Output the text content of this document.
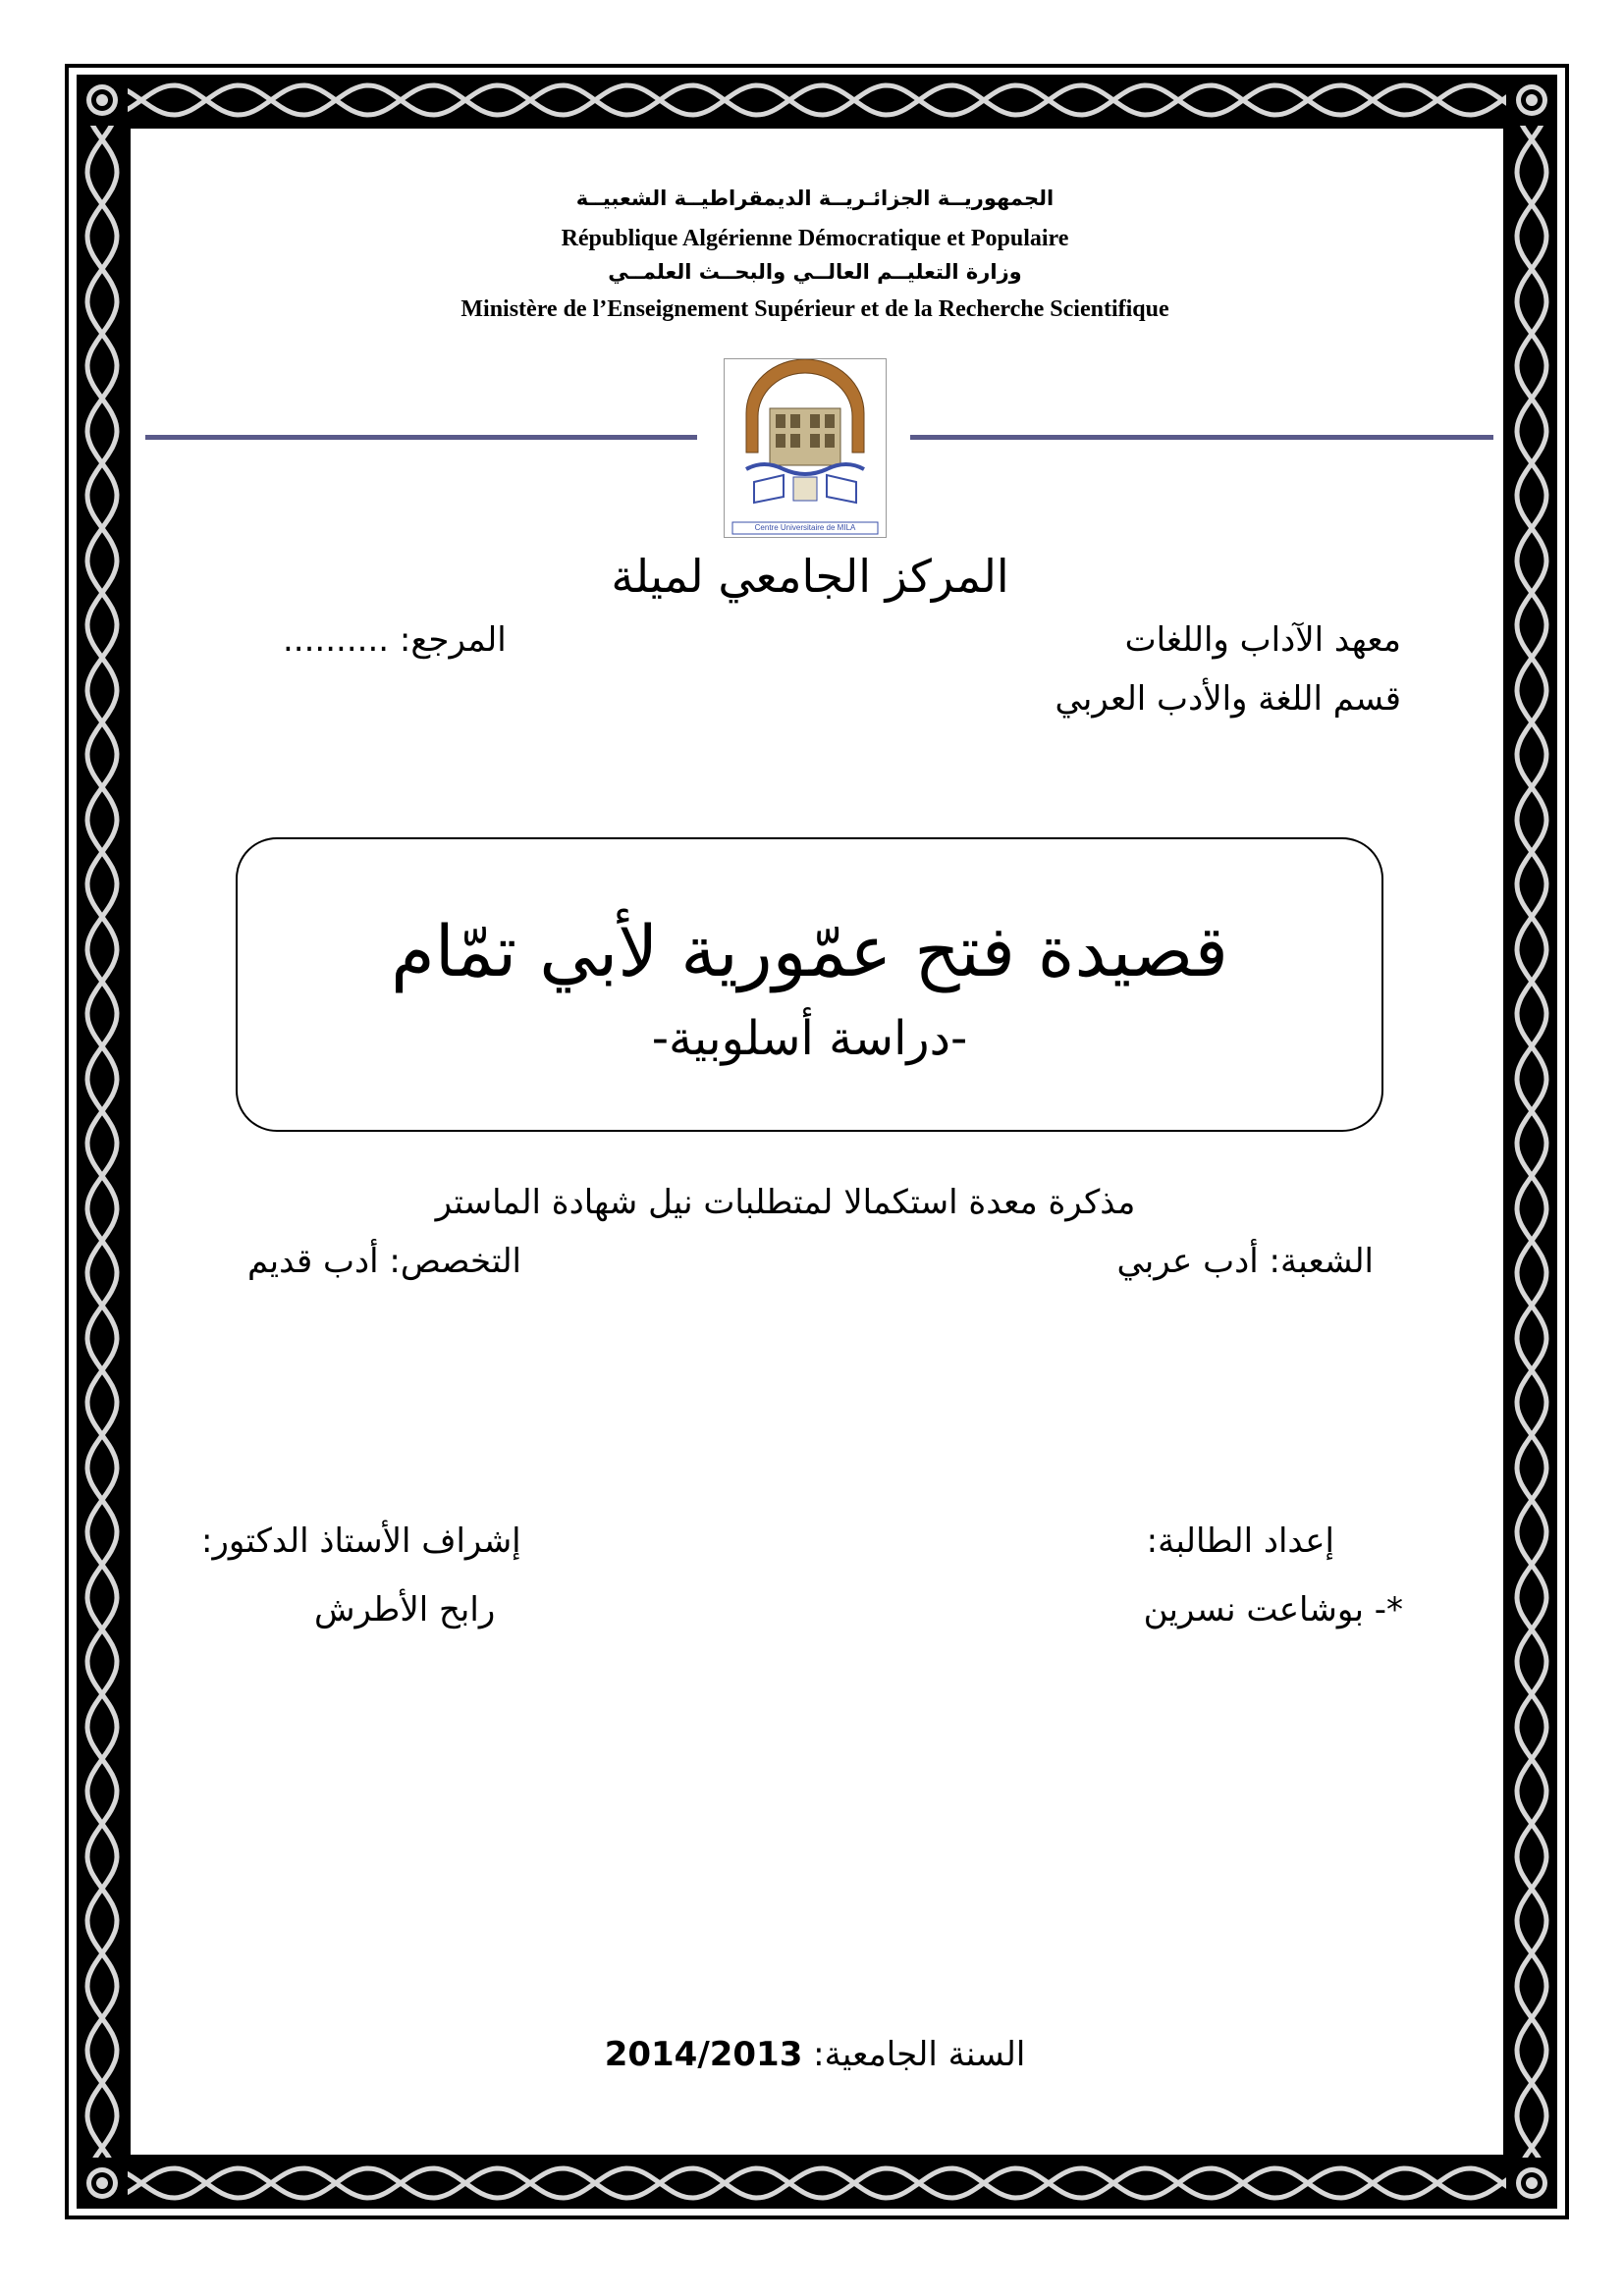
الجمهوريــة الجزائـريــة الديمقراطيــة الشعبيــة
République Algérienne Démocratique et Populaire
وزارة التعليــم العالــي والبحــث العلمــي
Ministère de l’Enseignement Supérieur et de la Recherche Scientifique
Centre Universitaire de MILA
المركز الجامعي لميلة
معهد الآداب واللغات
المرجع: ..........
قسم اللغة والأدب العربي
قصيدة فتح عمّورية لأبي تمّام
-دراسة أسلوبية-
مذكرة معدة استكمالا لمتطلبات نيل شهادة الماستر
الشعبة: أدب عربي
التخصص: أدب قديم
إعداد الطالبة:
إشراف الأستاذ الدكتور:
*- بوشاعت نسرين
رابح الأطرش
السنة الجامعية: 2014/2013
